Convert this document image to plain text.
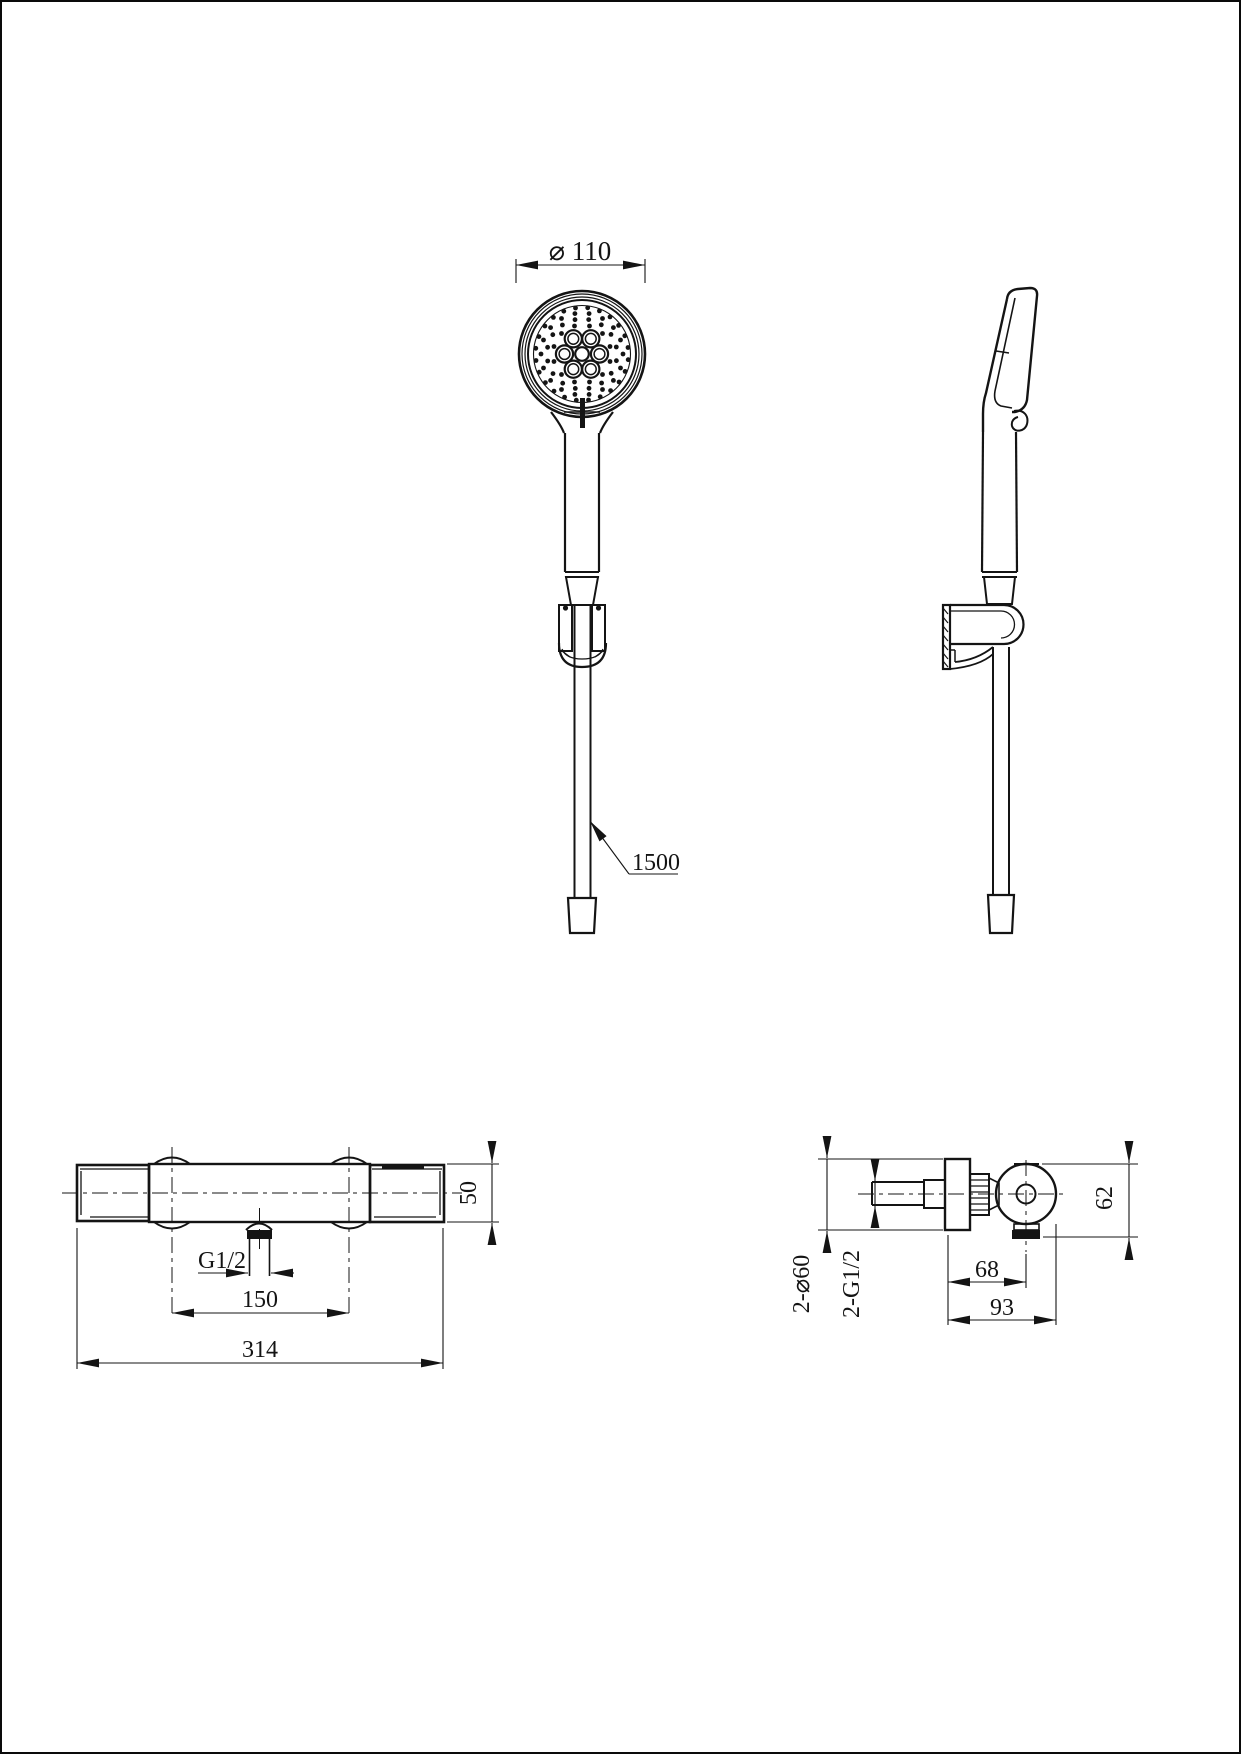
⌀ 110
1500
50
G1/2
150
314
2-⌀60 2-G1/2
62
68
93
